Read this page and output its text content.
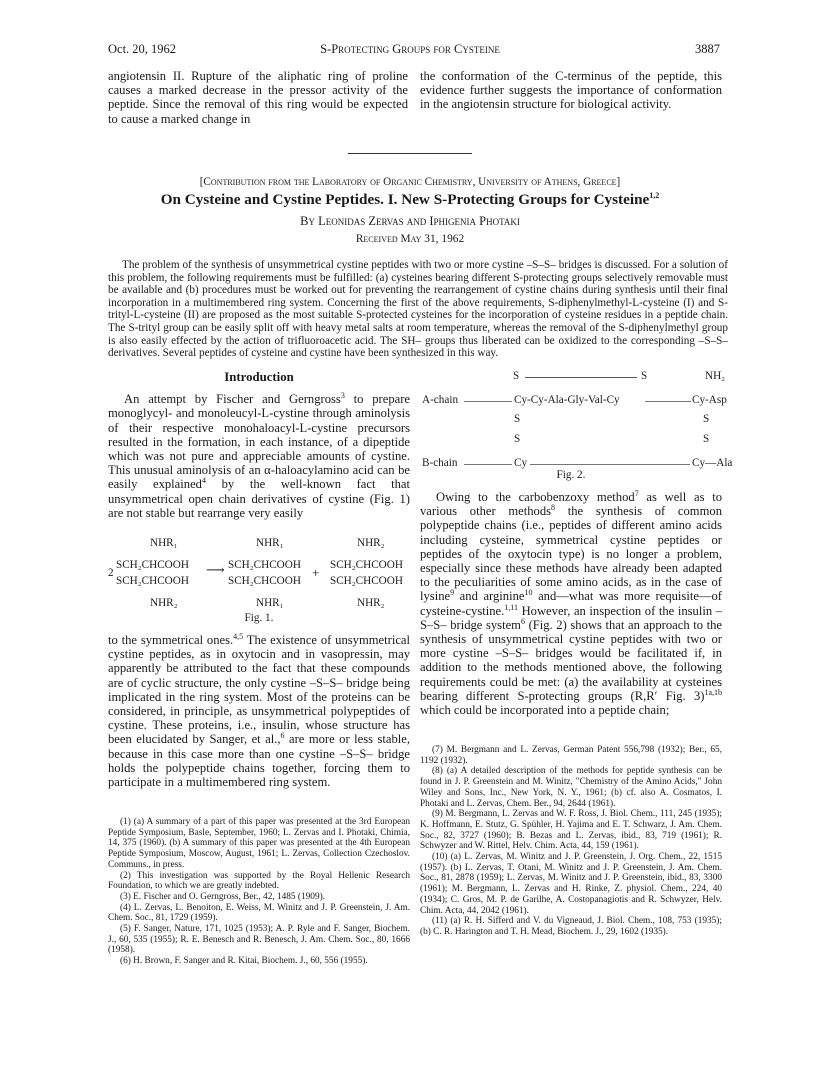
Oct. 20, 1962	S-Protecting Groups for Cysteine	3887

angiotensin II. Rupture of the aliphatic ring of proline causes a marked decrease in the pressor activity of the peptide. Since the removal of this ring would be expected to cause a marked change in

the conformation of the C-terminus of the peptide, this evidence further suggests the importance of conformation in the angiotensin structure for biological activity.

[Contribution from the Laboratory of Organic Chemistry, University of Athens, Greece]
On Cysteine and Cystine Peptides. I. New S-Protecting Groups for Cysteine$^{1,2}$
By Leonidas Zervas and Iphigenia Photaki
Received May 31, 1962

The problem of the synthesis of unsymmetrical cystine peptides with two or more cystine –S–S– bridges is discussed. For a solution of this problem, the following requirements must be fulfilled: (a) cysteines bearing different S-protecting groups selectively removable must be available and (b) procedures must be worked out for preventing the rearrangement of cystine chains during synthesis until their final incorporation in a multimembered ring system. Concerning the first of the above requirements, S-diphenylmethyl-L-cysteine (I) and S-trityl-L-cysteine (II) are proposed as the most suitable S-protected cysteines for the incorporation of cysteine residues in a peptide chain. The S-trityl group can be easily split off with heavy metal salts at room temperature, whereas the removal of the S-diphenylmethyl group is also easily effected by the action of trifluoroacetic acid. The SH– groups thus liberated can be oxidized to the corresponding –S–S– derivatives. Several peptides of cysteine and cystine have been synthesized in this way.

Introduction

An attempt by Fischer and Gerngross$^3$ to prepare monoglycyl- and monoleucyl-L-cystine through aminolysis of their respective monohaloacyl-L-cystine precursors resulted in the formation, in each instance, of a dipeptide which was not pure and appreciable amounts of cystine. This unusual aminolysis of an α-haloacylamino acid can be easily explained$^4$ by the well-known fact that unsymmetrical open chain derivatives of cystine (Fig. 1) are not stable but rearrange very easily

NHR₁	NHR₁	NHR₂
SCH₂CHCOOH	SCH₂CHCOOH	SCH₂CHCOOH
2	⟶	+
SCH₂CHCOOH	SCH₂CHCOOH	SCH₂CHCOOH
NHR₂	NHR₁	NHR₂
Fig. 1.

to the symmetrical ones.$^{4,5}$ The existence of unsymmetrical cystine peptides, as in oxytocin and in vasopressin, may apparently be attributed to the fact that these compounds are of cyclic structure, the only cystine –S–S– bridge being implicated in the ring system. Most of the proteins can be considered, in principle, as unsymmetrical polypeptides of cystine. These proteins, i.e., insulin, whose structure has been elucidated by Sanger, et al.,$^6$ are more or less stable, because in this case more than one cystine –S–S– bridge holds the polypeptide chains together, forcing them to participate in a multimembered ring system.

(1) (a) A summary of a part of this paper was presented at the 3rd European Peptide Symposium, Basle, September, 1960; L. Zervas and I. Photaki, Chimia, 14, 375 (1960). (b) A summary of this paper was presented at the 4th European Peptide Symposium, Moscow, August, 1961; L. Zervas, Collection Czechoslov. Communs., in press.

(2) This investigation was supported by the Royal Hellenic Research Foundation, to which we are greatly indebted.

(3) E. Fischer and O. Gerngross, Ber., 42, 1485 (1909).

(4) L. Zervas, L. Benoiton, E. Weiss, M. Winitz and J. P. Greenstein, J. Am. Chem. Soc., 81, 1729 (1959).

(5) F. Sanger, Nature, 171, 1025 (1953); A. P. Ryle and F. Sanger, Biochem. J., 60, 535 (1955); R. E. Benesch and R. Benesch, J. Am. Chem. Soc., 80, 1666 (1958).

(6) H. Brown, F. Sanger and R. Kitai, Biochem. J., 60, 556 (1955).

S	S	NH₂
A-chain	Cy-Cy-Ala-Gly-Val-Cy	Cy-Asp
S	S
S	S
B-chain	Cy	Cy—Ala
Fig. 2.

Owing to the carbobenzoxy method$^7$ as well as to various other methods$^8$ the synthesis of common polypeptide chains (i.e., peptides of different amino acids including cysteine, symmetrical cystine peptides or peptides of the oxytocin type) is no longer a problem, especially since these methods have already been adapted to the peculiarities of some amino acids, as in the case of lysine$^9$ and arginine$^{10}$ and—what was more requisite—of cysteine-cystine.$^{1,11}$ However, an inspection of the insulin –S–S– bridge system$^6$ (Fig. 2) shows that an approach to the synthesis of unsymmetrical cystine peptides with two or more cystine –S–S– bridges would be facilitated if, in addition to the methods mentioned above, the following requirements could be met: (a) the availability at cysteines bearing different S-protecting groups (R,R′ Fig. 3)$^{1a,1b}$ which could be incorporated into a peptide chain;

(7) M. Bergmann and L. Zervas, German Patent 556,798 (1932); Ber., 65, 1192 (1932).

(8) (a) A detailed description of the methods for peptide synthesis can be found in J. P. Greenstein and M. Winitz, "Chemistry of the Amino Acids," John Wiley and Sons, Inc., New York, N. Y., 1961; (b) cf. also A. Cosmatos, I. Photaki and L. Zervas, Chem. Ber., 94, 2644 (1961).

(9) M. Bergmann, L. Zervas and W. F. Ross, J. Biol. Chem., 111, 245 (1935); K. Hoffmann, E. Stutz, G. Spühler, H. Yajima and E. T. Schwarz, J. Am. Chem. Soc., 82, 3727 (1960); B. Bezas and L. Zervas, ibid., 83, 719 (1961); R. Schwyzer and W. Rittel, Helv. Chim. Acta, 44, 159 (1961).

(10) (a) L. Zervas, M. Winitz and J. P. Greenstein, J. Org. Chem., 22, 1515 (1957). (b) L. Zervas, T. Otani, M. Winitz and J. P. Greenstein, J. Am. Chem. Soc., 81, 2878 (1959); L. Zervas, M. Winitz and J. P. Greenstein, ibid., 83, 3300 (1961); M. Bergmann, L. Zervas and H. Rinke, Z. physiol. Chem., 224, 40 (1934); C. Gros, M. P. de Garilhe, A. Costopanagiotis and R. Schwyzer, Helv. Chim. Acta, 44, 2042 (1961).

(11) (a) R. H. Sifferd and V. du Vigneaud, J. Biol. Chem., 108, 753 (1935); (b) C. R. Harington and T. H. Mead, Biochem. J., 29, 1602 (1935).
